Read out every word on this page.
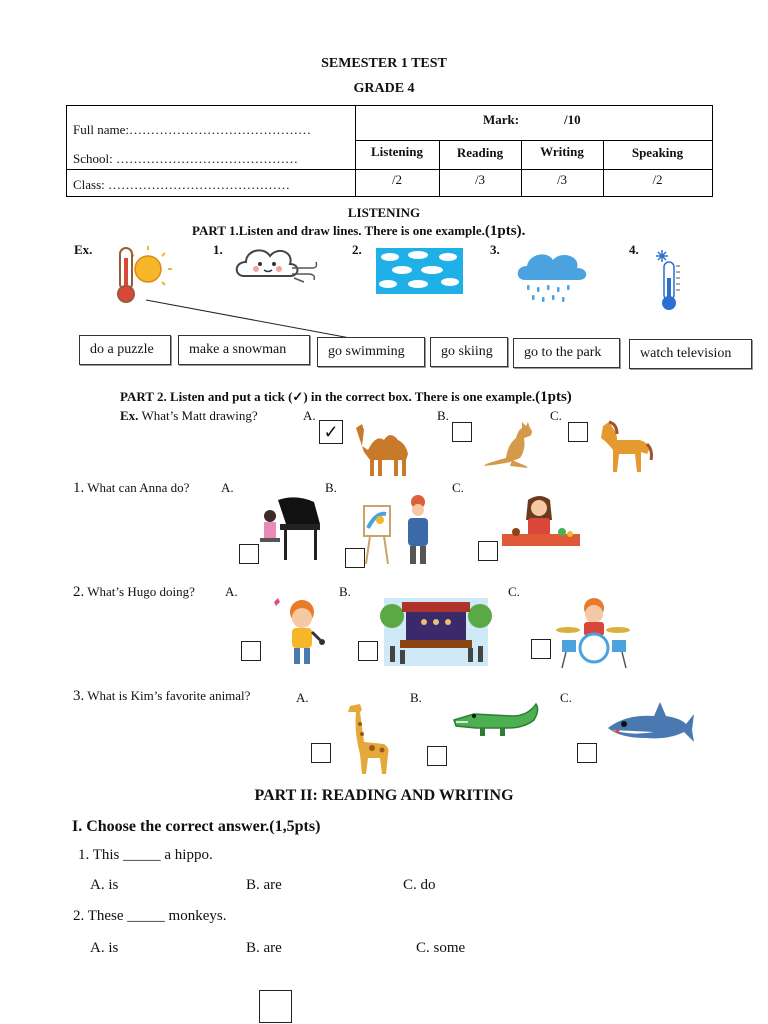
SEMESTER 1 TEST
GRADE 4
Full name:……………………………………
School: ……………………………………
Class: ……………………………………
Mark:	/10
Listening	Reading	Writing	Speaking
/2	/3	/3	/2
LISTENING
PART 1.Listen and draw lines. There is one example.(1pts).
Ex.	1.	2.	3.	4.
do a puzzle	make a snowman	go swimming	go skiing	go to the park	watch television
PART 2. Listen and put a tick (✓) in the correct box. There is one example.(1pts)
Ex. What’s Matt drawing?	A.	B.	C.
✓
1. What can Anna do? A.	B.	C.
2. What’s Hugo doing? A.	B.	C.
3. What is Kim’s favorite animal?	A.	B.	C.
PART II: READING AND WRITING
I. Choose the correct answer.(1,5pts)
1. This _____ a hippo.
A. is	B. are	C. do
2. These _____ monkeys.
A. is	B. are	C. some
